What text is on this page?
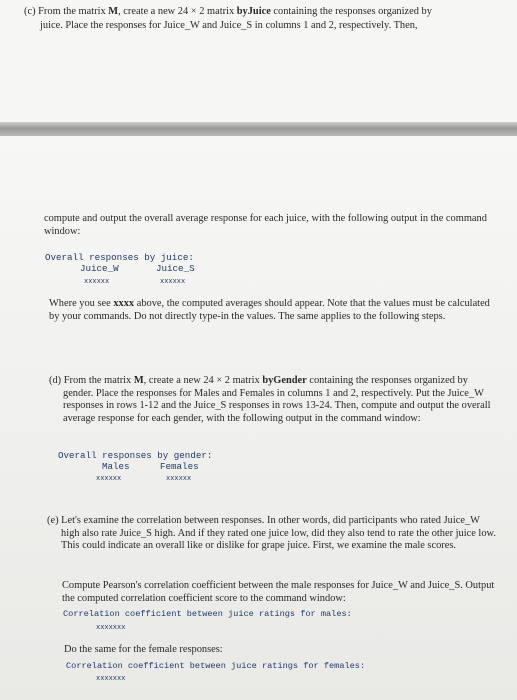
(c) From the matrix M, create a new 24 × 2 matrix byJuice containing the responses organized by

juice. Place the responses for Juice_W and Juice_S in columns 1 and 2, respectively. Then,

compute and output the overall average response for each juice, with the following output in the command window:

Overall responses by juice:

Juice_W	Juice_S

xxxxxx	xxxxxx

Where you see xxxx above, the computed averages should appear. Note that the values must be calculated by your commands. Do not directly type-in the values. The same applies to the following steps.

(d) From the matrix M, create a new 24 × 2 matrix byGender containing the responses organized by gender. Place the responses for Males and Females in columns 1 and 2, respectively. Put the Juice_W responses in rows 1-12 and the Juice_S responses in rows 13-24. Then, compute and output the overall average response for each gender, with the following output in the command window:

Overall responses by gender:

Males	Females

xxxxxx	xxxxxx

(e) Let's examine the correlation between responses. In other words, did participants who rated Juice_W high also rate Juice_S high. And if they rated one juice low, did they also tend to rate the other juice low. This could indicate an overall like or dislike for grape juice. First, we examine the male scores.

Compute Pearson's correlation coefficient between the male responses for Juice_W and Juice_S. Output the computed correlation coefficient score to the command window:

Correlation coefficient between juice ratings for males:

xxxxxxx

Do the same for the female responses:

Correlation coefficient between juice ratings for females:

xxxxxxx
